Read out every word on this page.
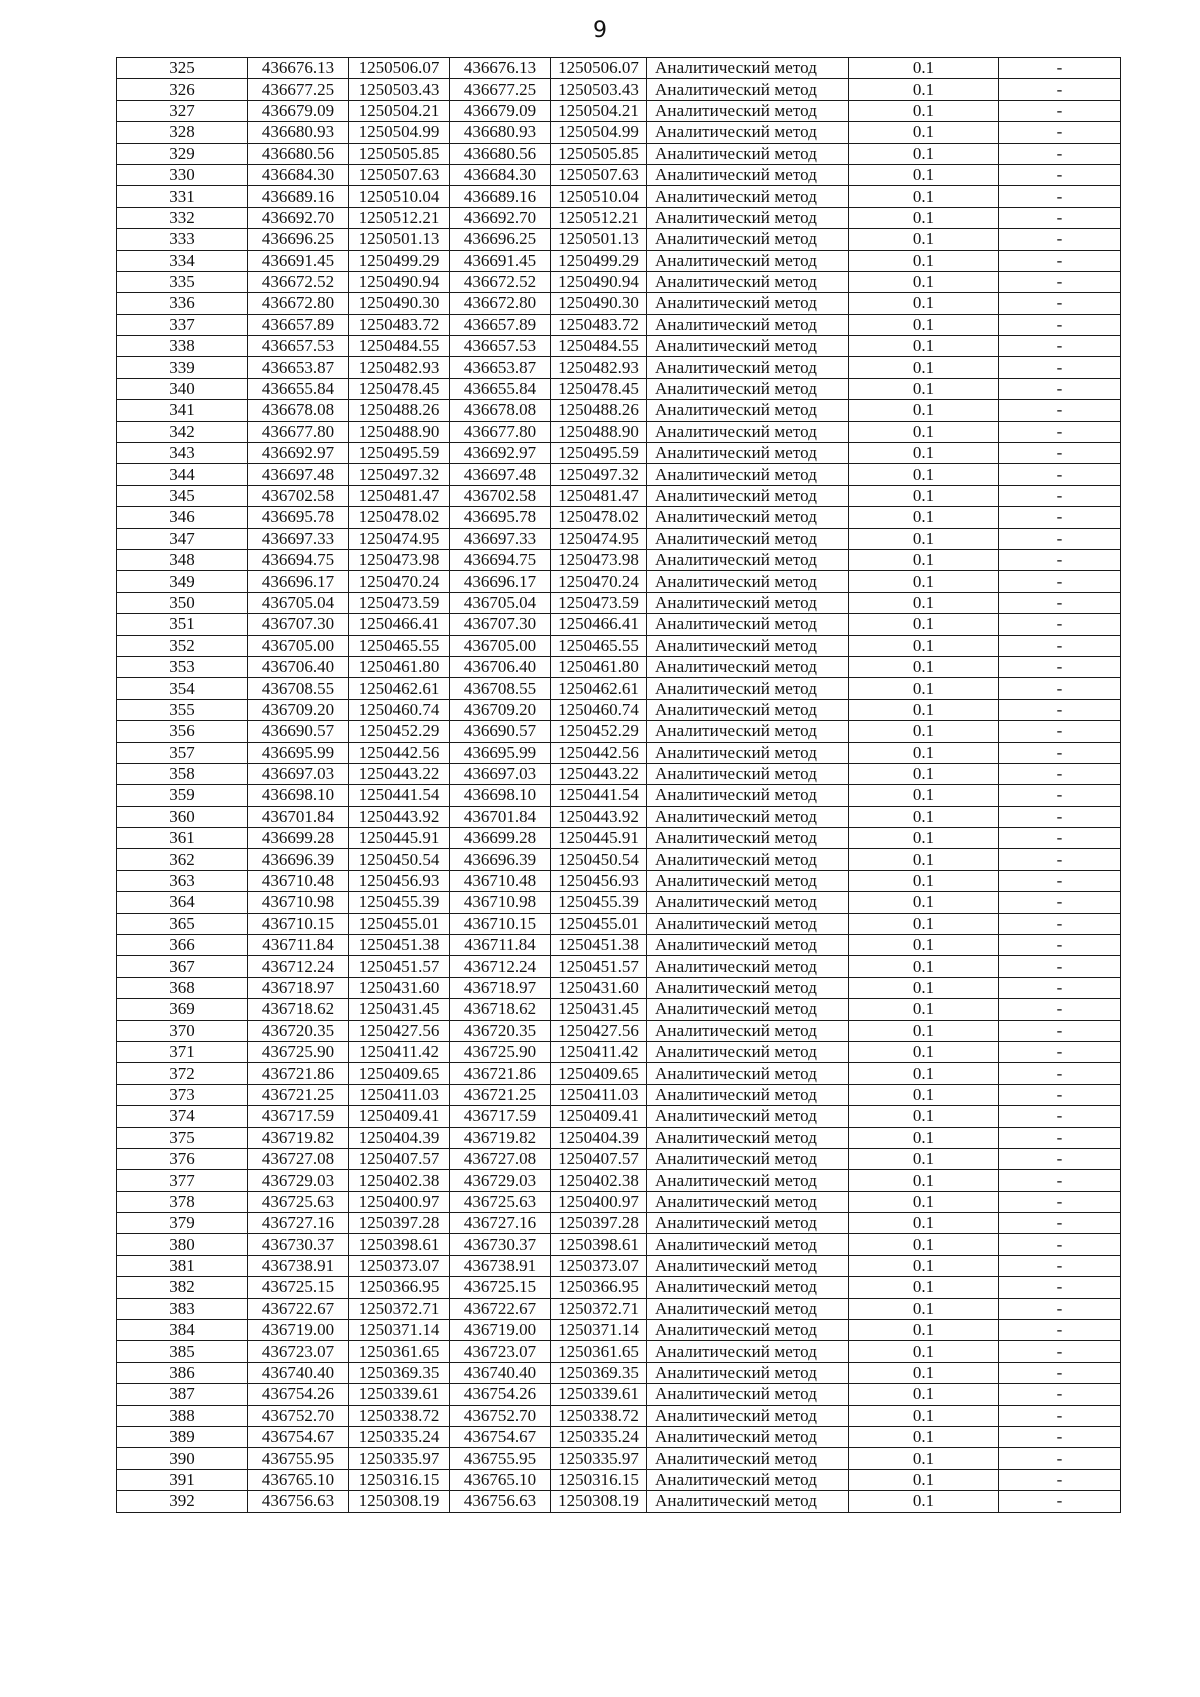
9
325	436676.13	1250506.07	436676.13	1250506.07	Аналитический метод	0.1	-
326	436677.25	1250503.43	436677.25	1250503.43	Аналитический метод	0.1	-
327	436679.09	1250504.21	436679.09	1250504.21	Аналитический метод	0.1	-
328	436680.93	1250504.99	436680.93	1250504.99	Аналитический метод	0.1	-
329	436680.56	1250505.85	436680.56	1250505.85	Аналитический метод	0.1	-
330	436684.30	1250507.63	436684.30	1250507.63	Аналитический метод	0.1	-
331	436689.16	1250510.04	436689.16	1250510.04	Аналитический метод	0.1	-
332	436692.70	1250512.21	436692.70	1250512.21	Аналитический метод	0.1	-
333	436696.25	1250501.13	436696.25	1250501.13	Аналитический метод	0.1	-
334	436691.45	1250499.29	436691.45	1250499.29	Аналитический метод	0.1	-
335	436672.52	1250490.94	436672.52	1250490.94	Аналитический метод	0.1	-
336	436672.80	1250490.30	436672.80	1250490.30	Аналитический метод	0.1	-
337	436657.89	1250483.72	436657.89	1250483.72	Аналитический метод	0.1	-
338	436657.53	1250484.55	436657.53	1250484.55	Аналитический метод	0.1	-
339	436653.87	1250482.93	436653.87	1250482.93	Аналитический метод	0.1	-
340	436655.84	1250478.45	436655.84	1250478.45	Аналитический метод	0.1	-
341	436678.08	1250488.26	436678.08	1250488.26	Аналитический метод	0.1	-
342	436677.80	1250488.90	436677.80	1250488.90	Аналитический метод	0.1	-
343	436692.97	1250495.59	436692.97	1250495.59	Аналитический метод	0.1	-
344	436697.48	1250497.32	436697.48	1250497.32	Аналитический метод	0.1	-
345	436702.58	1250481.47	436702.58	1250481.47	Аналитический метод	0.1	-
346	436695.78	1250478.02	436695.78	1250478.02	Аналитический метод	0.1	-
347	436697.33	1250474.95	436697.33	1250474.95	Аналитический метод	0.1	-
348	436694.75	1250473.98	436694.75	1250473.98	Аналитический метод	0.1	-
349	436696.17	1250470.24	436696.17	1250470.24	Аналитический метод	0.1	-
350	436705.04	1250473.59	436705.04	1250473.59	Аналитический метод	0.1	-
351	436707.30	1250466.41	436707.30	1250466.41	Аналитический метод	0.1	-
352	436705.00	1250465.55	436705.00	1250465.55	Аналитический метод	0.1	-
353	436706.40	1250461.80	436706.40	1250461.80	Аналитический метод	0.1	-
354	436708.55	1250462.61	436708.55	1250462.61	Аналитический метод	0.1	-
355	436709.20	1250460.74	436709.20	1250460.74	Аналитический метод	0.1	-
356	436690.57	1250452.29	436690.57	1250452.29	Аналитический метод	0.1	-
357	436695.99	1250442.56	436695.99	1250442.56	Аналитический метод	0.1	-
358	436697.03	1250443.22	436697.03	1250443.22	Аналитический метод	0.1	-
359	436698.10	1250441.54	436698.10	1250441.54	Аналитический метод	0.1	-
360	436701.84	1250443.92	436701.84	1250443.92	Аналитический метод	0.1	-
361	436699.28	1250445.91	436699.28	1250445.91	Аналитический метод	0.1	-
362	436696.39	1250450.54	436696.39	1250450.54	Аналитический метод	0.1	-
363	436710.48	1250456.93	436710.48	1250456.93	Аналитический метод	0.1	-
364	436710.98	1250455.39	436710.98	1250455.39	Аналитический метод	0.1	-
365	436710.15	1250455.01	436710.15	1250455.01	Аналитический метод	0.1	-
366	436711.84	1250451.38	436711.84	1250451.38	Аналитический метод	0.1	-
367	436712.24	1250451.57	436712.24	1250451.57	Аналитический метод	0.1	-
368	436718.97	1250431.60	436718.97	1250431.60	Аналитический метод	0.1	-
369	436718.62	1250431.45	436718.62	1250431.45	Аналитический метод	0.1	-
370	436720.35	1250427.56	436720.35	1250427.56	Аналитический метод	0.1	-
371	436725.90	1250411.42	436725.90	1250411.42	Аналитический метод	0.1	-
372	436721.86	1250409.65	436721.86	1250409.65	Аналитический метод	0.1	-
373	436721.25	1250411.03	436721.25	1250411.03	Аналитический метод	0.1	-
374	436717.59	1250409.41	436717.59	1250409.41	Аналитический метод	0.1	-
375	436719.82	1250404.39	436719.82	1250404.39	Аналитический метод	0.1	-
376	436727.08	1250407.57	436727.08	1250407.57	Аналитический метод	0.1	-
377	436729.03	1250402.38	436729.03	1250402.38	Аналитический метод	0.1	-
378	436725.63	1250400.97	436725.63	1250400.97	Аналитический метод	0.1	-
379	436727.16	1250397.28	436727.16	1250397.28	Аналитический метод	0.1	-
380	436730.37	1250398.61	436730.37	1250398.61	Аналитический метод	0.1	-
381	436738.91	1250373.07	436738.91	1250373.07	Аналитический метод	0.1	-
382	436725.15	1250366.95	436725.15	1250366.95	Аналитический метод	0.1	-
383	436722.67	1250372.71	436722.67	1250372.71	Аналитический метод	0.1	-
384	436719.00	1250371.14	436719.00	1250371.14	Аналитический метод	0.1	-
385	436723.07	1250361.65	436723.07	1250361.65	Аналитический метод	0.1	-
386	436740.40	1250369.35	436740.40	1250369.35	Аналитический метод	0.1	-
387	436754.26	1250339.61	436754.26	1250339.61	Аналитический метод	0.1	-
388	436752.70	1250338.72	436752.70	1250338.72	Аналитический метод	0.1	-
389	436754.67	1250335.24	436754.67	1250335.24	Аналитический метод	0.1	-
390	436755.95	1250335.97	436755.95	1250335.97	Аналитический метод	0.1	-
391	436765.10	1250316.15	436765.10	1250316.15	Аналитический метод	0.1	-
392	436756.63	1250308.19	436756.63	1250308.19	Аналитический метод	0.1	-
